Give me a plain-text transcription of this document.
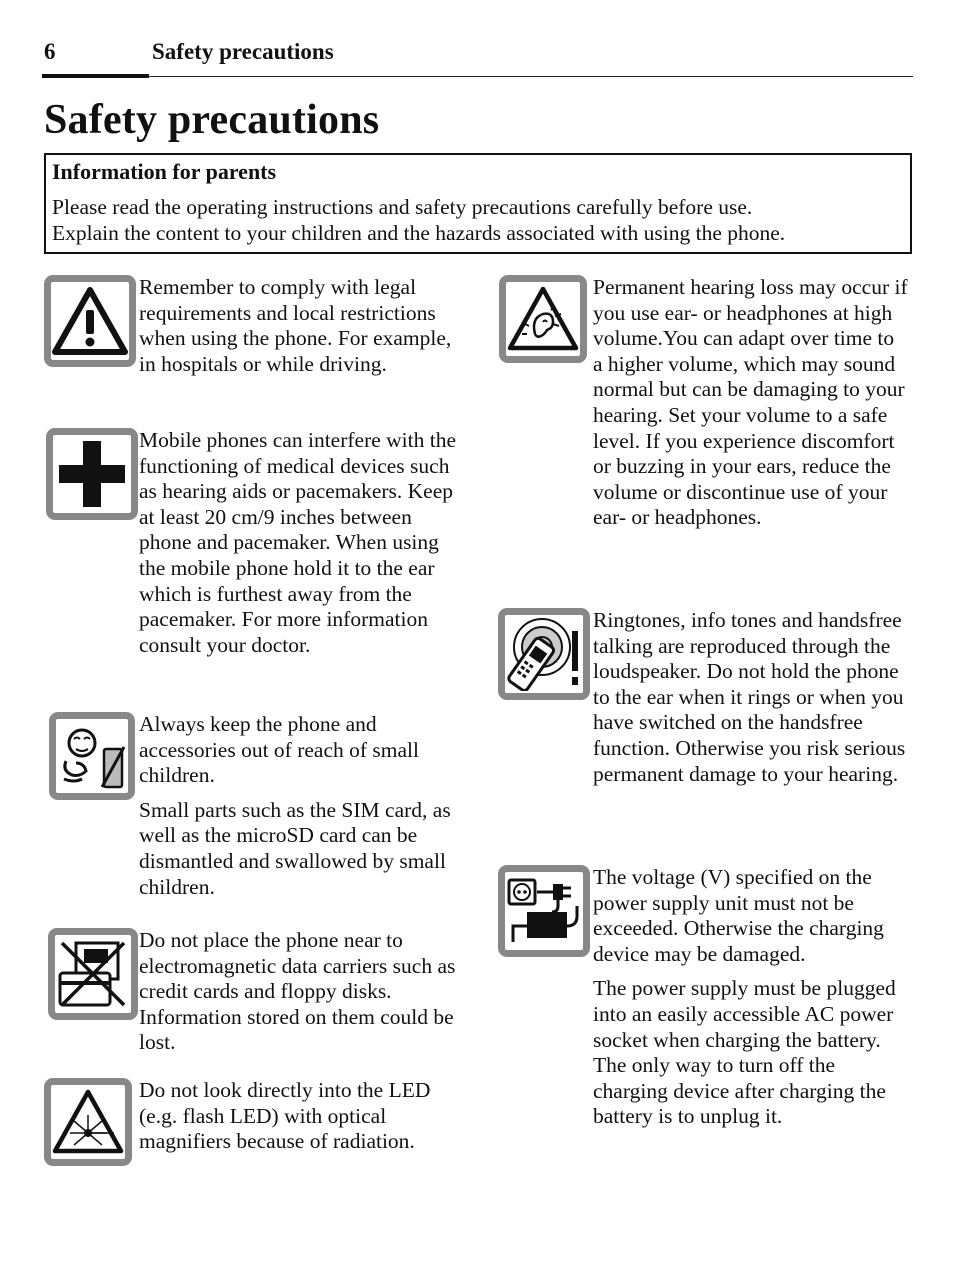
6	Safety precautions
Safety precautions
Information for parents
Please read the operating instructions and safety precautions carefully before use.
Explain the content to your children and the hazards associated with using the phone.

Remember to comply with legal requirements and local restrictions when using the phone. For example, in hospitals or while driving.

Mobile phones can interfere with the functioning of medical devices such as hearing aids or pacemakers. Keep at least 20 cm/9 inches between phone and pacemaker. When using the mobile phone hold it to the ear which is furthest away from the pacemaker. For more information consult your doctor.

Always keep the phone and accessories out of reach of small children.

Small parts such as the SIM card, as well as the microSD card can be dismantled and swallowed by small children.

Do not place the phone near to electromagnetic data carriers such as credit cards and floppy disks. Information stored on them could be lost.

Do not look directly into the LED (e.g. flash LED) with optical magnifiers because of radiation.

Permanent hearing loss may occur if you use ear- or headphones at high volume.You can adapt over time to a higher volume, which may sound normal but can be damaging to your hearing. Set your volume to a safe level. If you experience discomfort or buzzing in your ears, reduce the volume or discontinue use of your ear- or headphones.

Ringtones, info tones and handsfree talking are reproduced through the loudspeaker. Do not hold the phone to the ear when it rings or when you have switched on the handsfree function. Otherwise you risk serious permanent damage to your hearing.

The voltage (V) specified on the power supply unit must not be exceeded. Otherwise the charging device may be damaged.

The power supply must be plugged into an easily accessible AC power socket when charging the battery. The only way to turn off the charging device after charging the battery is to unplug it.
